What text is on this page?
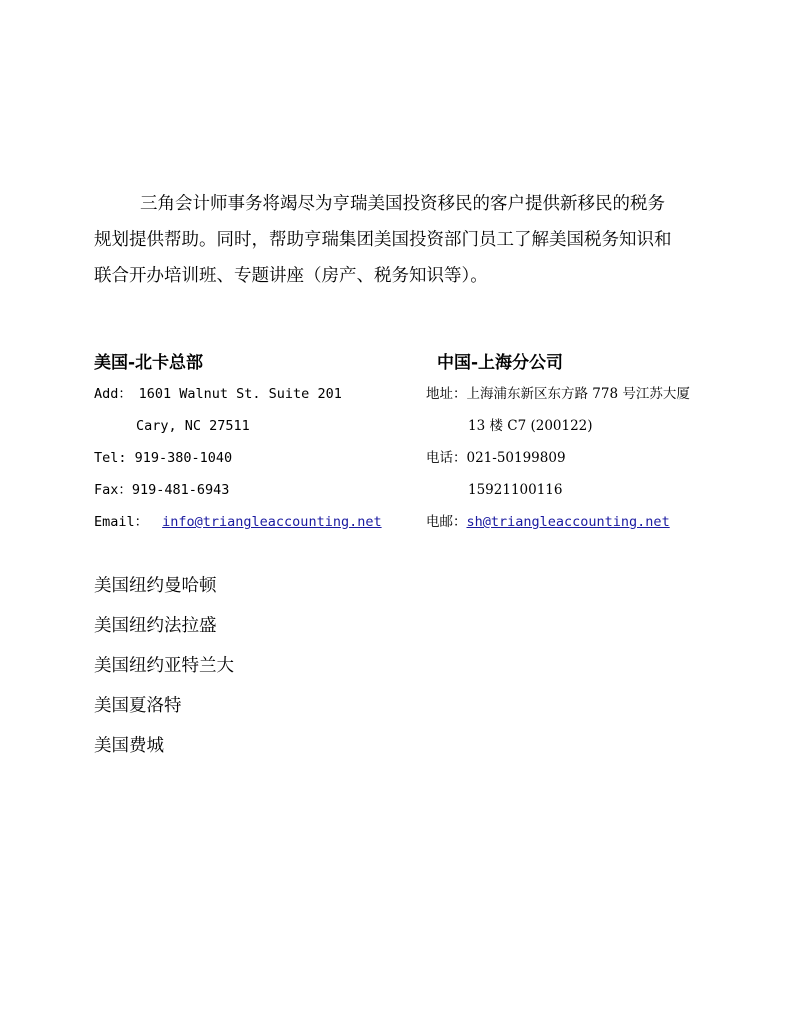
三角会计师事务将竭尽为亨瑞美国投资移民的客户提供新移民的税务
规划提供帮助。同时，帮助亨瑞集团美国投资部门员工了解美国税务知识和
联合开办培训班、专题讲座（房产、税务知识等）。

美国-北卡总部	中国-上海分公司
Add：　1601 Walnut St. Suite 201
Cary, NC 27511
Tel: 919-380-1040
Fax：919-481-6943
Email： info@triangleaccounting.net
地址：上海浦东新区东方路 778 号江苏大厦
13 楼 C7 (200122)
电话：021-50199809
15921100116
电邮：sh@triangleaccounting.net
美国纽约曼哈顿
美国纽约法拉盛
美国纽约亚特兰大
美国夏洛特
美国费城
